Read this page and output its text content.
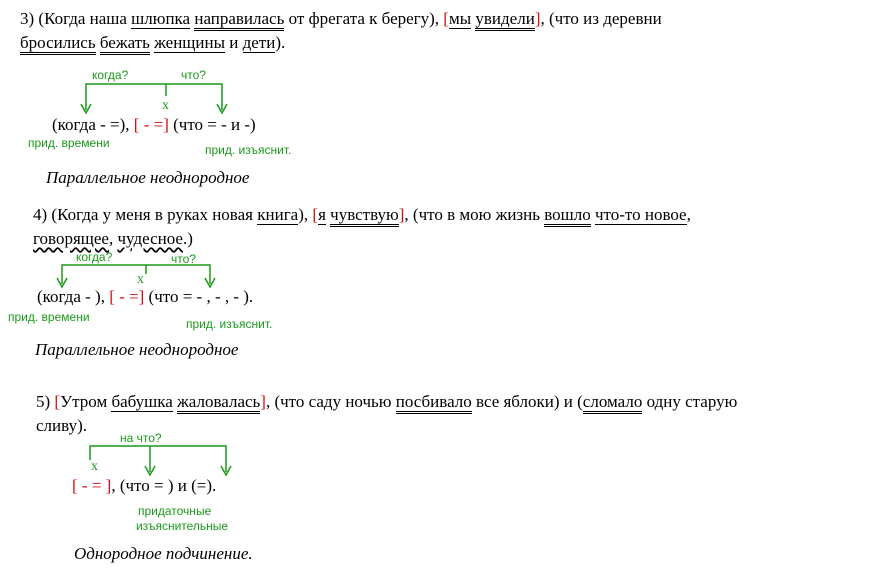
3) (Когда наша шлюпка направилась от фрегата к берегу), [мы увидели], (что из деревни
бросились бежать женщины и дети).
когда?	что?
х
(когда - =), [ - =] (что = - и -)
прид. времени	прид. изъяснит.
Параллельное неоднородное
4) (Когда у меня в руках новая книга), [я чувствую], (что в мою жизнь вошло что-то новое,
говорящее, чудесное.)
когда?	что?
х
(когда - ), [ - =] (что = - , - , - ).
прид. времени	прид. изъяснит.
Параллельное неоднородное
5) [Утром бабушка жаловалась], (что саду ночью посбивало все яблоки) и (сломало одну старую
сливу).
на что?
х
[ - = ], (что = ) и (=).
придаточные
изъяснительные
Однородное подчинение.
